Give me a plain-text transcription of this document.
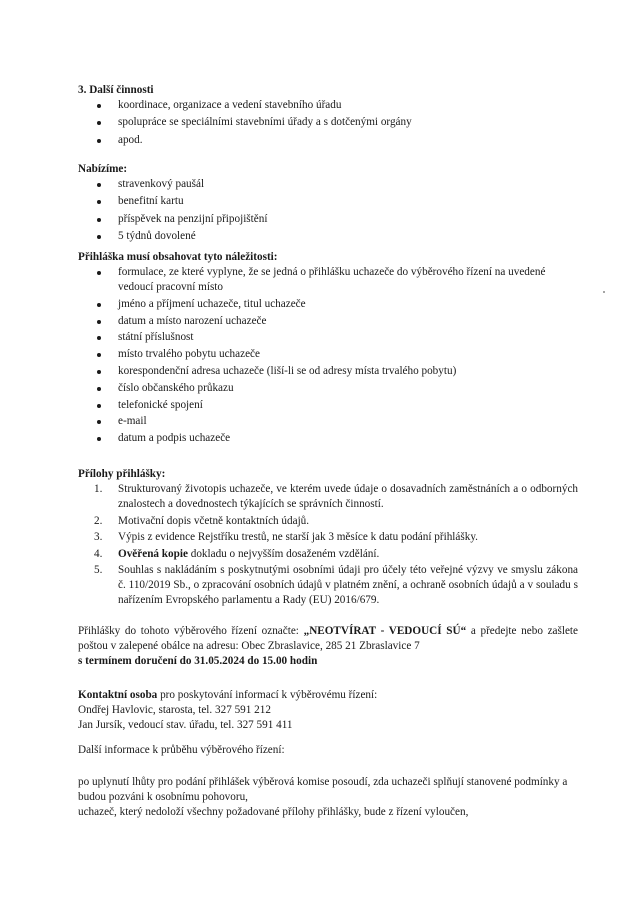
3. Další činnosti

koordinace, organizace a vedení stavebního úřadu
spolupráce se speciálními stavebními úřady a s dotčenými orgány
apod.

Nabízíme:

stravenkový paušál
benefitní kartu
příspěvek na penzijní připojištění
5 týdnů dovolené

Přihláška musí obsahovat tyto náležitosti:

formulace, ze které vyplyne, že se jedná o přihlášku uchazeče do výběrového řízení na uvedené vedoucí pracovní místo
jméno a příjmení uchazeče, titul uchazeče
datum a místo narození uchazeče
státní příslušnost
místo trvalého pobytu uchazeče
korespondenční adresa uchazeče (liší-li se od adresy místa trvalého pobytu)
číslo občanského průkazu
telefonické spojení
e-mail
datum a podpis uchazeče

Přílohy přihlášky:

1. Strukturovaný životopis uchazeče, ve kterém uvede údaje o dosavadních zaměstnáních a o odborných znalostech a dovednostech týkajících se správních činností.
2. Motivační dopis včetně kontaktních údajů.
3. Výpis z evidence Rejstříku trestů, ne starší jak 3 měsíce k datu podání přihlášky.
4. Ověřená kopie dokladu o nejvyšším dosaženém vzdělání.
5. Souhlas s nakládáním s poskytnutými osobními údaji pro účely této veřejné výzvy ve smyslu zákona č. 110/2019 Sb., o zpracování osobních údajů v platném znění, a ochraně osobních údajů a v souladu s nařízením Evropského parlamentu a Rady (EU) 2016/679.

Přihlášky do tohoto výběrového řízení označte: „NEOTVÍRAT - VEDOUCÍ SÚ“ a předejte nebo zašlete poštou v zalepené obálce na adresu: Obec Zbraslavice, 285 21 Zbraslavice 7

s termínem doručení do 31.05.2024 do 15.00 hodin

Kontaktní osoba pro poskytování informací k výběrovému řízení:

Ondřej Havlovic, starosta, tel. 327 591 212

Jan Jursík, vedoucí stav. úřadu, tel. 327 591 411

Další informace k průběhu výběrového řízení:

po uplynutí lhůty pro podání přihlášek výběrová komise posoudí, zda uchazeči splňují stanovené podmínky a budou pozváni k osobnímu pohovoru,

uchazeč, který nedoloží všechny požadované přílohy přihlášky, bude z řízení vyloučen,
